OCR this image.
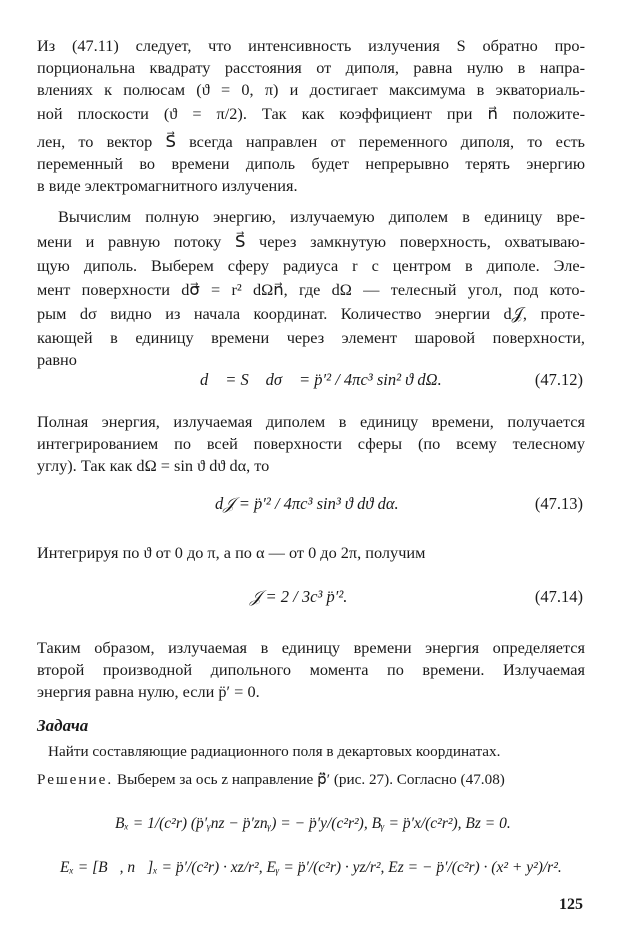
Из (47.11) следует, что интенсивность излучения S обратно про-
порциональна квадрату расстояния от диполя, равна нулю в напра-
влениях к полюсам (ϑ = 0, π) и достигает максимума в экваториаль-
ной плоскости (ϑ = π/2). Так как коэффициент при n⃗ положите-
лен, то вектор S⃗ всегда направлен от переменного диполя, то есть
переменный во времени диполь будет непрерывно терять энергию
в виде электромагнитного излучения.
Вычислим полную энергию, излучаемую диполем в единицу вре-
мени и равную потоку S⃗ через замкнутую поверхность, охватываю-
щую диполь. Выберем сферу радиуса r с центром в диполе. Эле-
мент поверхности dσ⃗ = r² dΩn⃗, где dΩ — телесный угол, под кото-
рым dσ видно из начала координат. Количество энергии d𝒥, проте-
кающей в единицу времени через элемент шаровой поверхности,
равно
d𝒥 = S⃗ dσ⃗ = p̈′² / 4πc³ sin² ϑ dΩ.	(47.12)
Полная энергия, излучаемая диполем в единицу времени, получается
интегрированием по всей поверхности сферы (по всему телесному
углу). Так как dΩ = sin ϑ dϑ dα, то
d𝒥 = p̈′² / 4πc³ sin³ ϑ dϑ dα.	(47.13)
Интегрируя по ϑ от 0 до π, а по α — от 0 до 2π, получим
𝒥 = 2 / 3c³ p̈′².	(47.14)
Таким образом, излучаемая в единицу времени энергия определяется
второй производной дипольного момента по времени. Излучаемая
энергия равна нулю, если p̈′ = 0.
Задача
Найти составляющие радиационного поля в декартовых координатах.
Решение. Выберем за ось z направление p̈⃗′ (рис. 27). Согласно (47.08)
Bₓ = 1/(c²r) (p̈′ᵧnz − p̈′znᵧ) = − p̈′y/(c²r²), Bᵧ = p̈′x/(c²r²), Bz = 0.
Eₓ = [B⃗, n⃗]ₓ = p̈′/(c²r) · xz/r², Eᵧ = p̈′/(c²r) · yz/r², Ez = − p̈′/(c²r) · (x² + y²)/r².
125
